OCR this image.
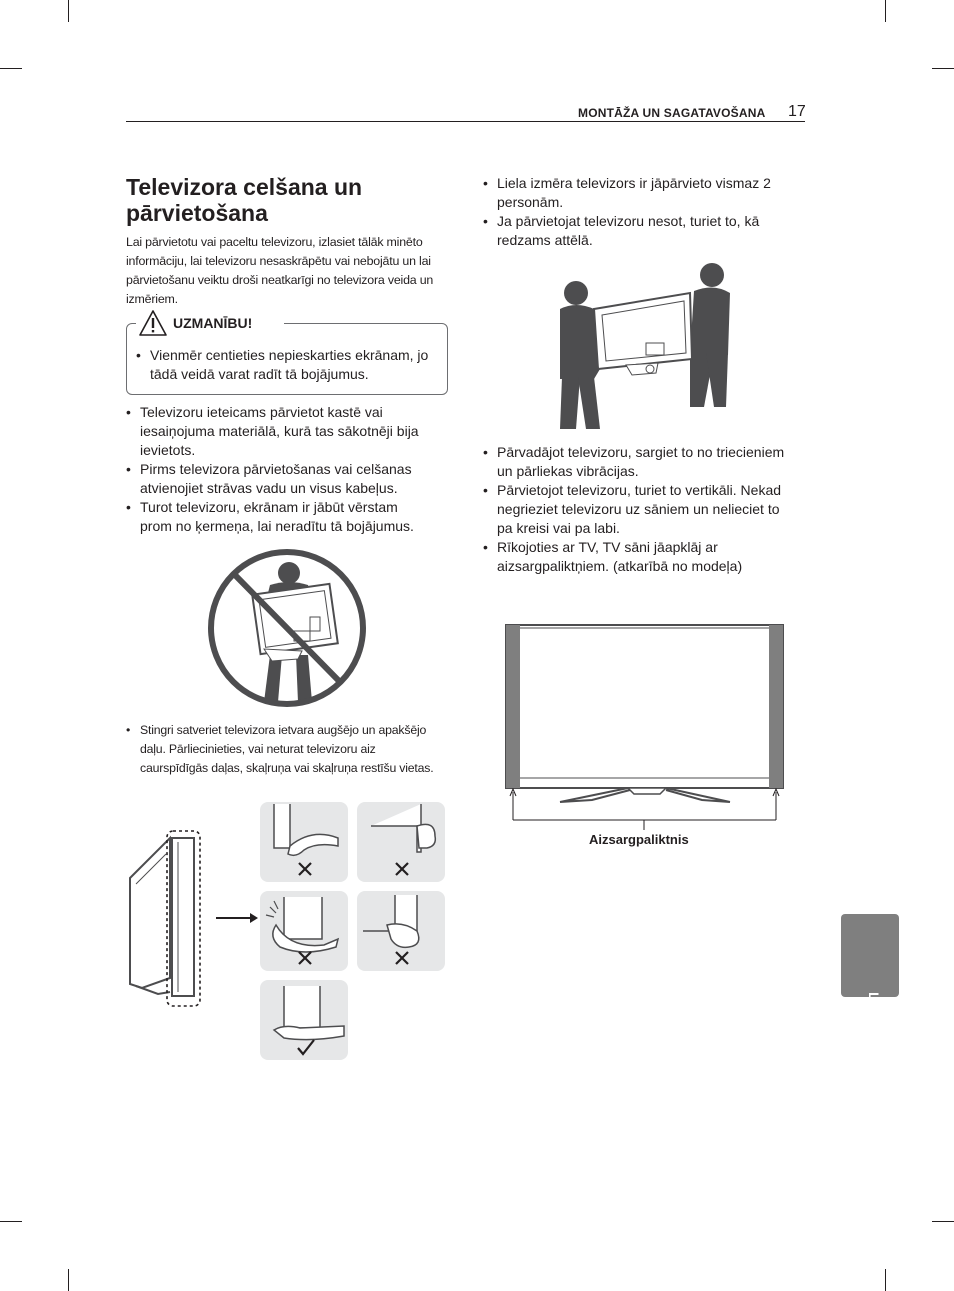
MONTĀŽA UN SAGATAVOŠANA 17
Televizora celšana un pārvietošana
Lai pārvietotu vai paceltu televizoru, izlasiet tālāk minēto informāciju, lai televizoru nesaskrāpētu vai nebojātu un lai pārvietošanu veiktu droši neatkarīgi no televizora veida un izmēriem.
UZMANĪBU!
• Vienmēr centieties nepieskarties ekrānam, jo tādā veidā varat radīt tā bojājumus.
• Televizoru ieteicams pārvietot kastē vai iesaiņojuma materiālā, kurā tas sākotnēji bija ievietots.
• Pirms televizora pārvietošanas vai celšanas atvienojiet strāvas vadu un visus kabeļus.
• Turot televizoru, ekrānam ir jābūt vērstam prom no ķermeņa, lai neradītu tā bojājumus.
• Stingri satveriet televizora ietvara augšējo un apakšējo daļu. Pārliecinieties, vai neturat televizoru aiz caurspīdīgās daļas, skaļruņa vai skaļruņa restīšu vietas.
• Liela izmēra televizors ir jāpārvieto vismaz 2 personām.
• Ja pārvietojat televizoru nesot, turiet to, kā redzams attēlā.
• Pārvadājot televizoru, sargiet to no triecieniem un pārliekas vibrācijas.
• Pārvietojot televizoru, turiet to vertikāli. Nekad negrieziet televizoru uz sāniem un nelieciet to pa kreisi vai pa labi.
• Rīkojoties ar TV, TV sāni jāapklāj ar aizsargpaliktņiem. (atkarībā no modeļa)
Aizsargpaliktnis
LATVIESU
